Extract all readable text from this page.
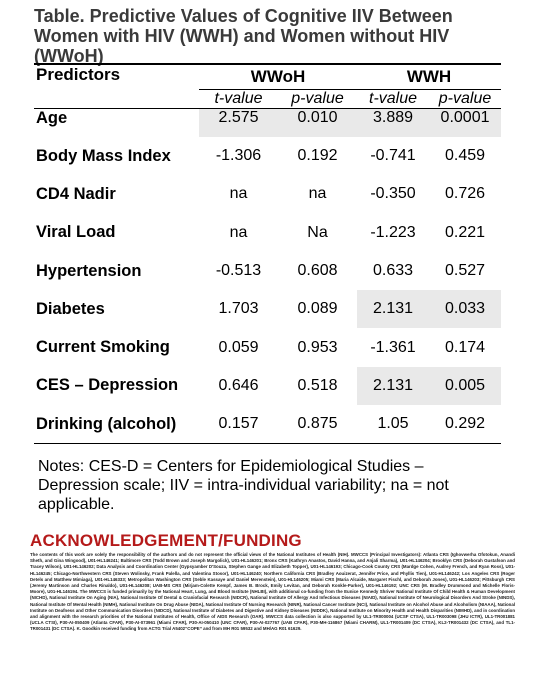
Table. Predictive Values of Cognitive IIV Between Women with HIV (WWH) and Women without HIV (WWoH)
Predictors	WWoH		WWH	
	t-value	p-value	t-value	p-value
Age	2.575	0.010	3.889	0.0001
Body Mass Index	-1.306	0.192	-0.741	0.459
CD4 Nadir	na	na	-0.350	0.726
Viral Load	na	Na	-1.223	0.221
Hypertension	-0.513	0.608	0.633	0.527
Diabetes	1.703	0.089	2.131	0.033
Current Smoking	0.059	0.953	-1.361	0.174
CES – Depression	0.646	0.518	2.131	0.005
Drinking (alcohol)	0.157	0.875	1.05	0.292
Notes: CES-D = Centers for Epidemiological Studies – Depression scale; IIV = intra-individual variability; na = not applicable.
ACKNOWLEDGEMENT/FUNDING
The contents of this work are solely the responsibility of the authors and do not represent the official views of the National Institutes of Health (NIH). MWCCS (Principal Investigators): Atlanta CRS (Ighovwerha Ofotokun, Anandi Sheth, and Gina Wingood), U01-HL146241; Baltimore CRS (Todd Brown and Joseph Margolick), U01-HL146201; Bronx CRS (Kathryn Anastos, David Hanna, and Anjali Sharma), U01-HL146204; Brooklyn CRS (Deborah Gustafson and Tracey Wilson), U01-HL146202; Data Analysis and Coordination Center (Gypsyamber D'Souza, Stephen Gange and Elizabeth Topper), U01-HL146193; Chicago-Cook County CRS (Mardge Cohen, Audrey French, and Ryan Ross), U01-HL146245; Chicago-Northwestern CRS (Steven Wolinsky, Frank Palella, and Valentina Stosor), U01-HL146240; Northern California CRS (Bradley Aouizerat, Jennifer Price, and Phyllis Tien), U01-HL146242; Los Angeles CRS (Roger Detels and Matthew Mimiaga), U01-HL146333; Metropolitan Washington CRS (Seble Kassaye and Daniel Merenstein), U01-HL146205; Miami CRS (Maria Alcaide, Margaret Fischl, and Deborah Jones), U01-HL146203; Pittsburgh CRS (Jeremy Martinson and Charles Rinaldo), U01-HL146208; UAB-MS CRS (Mirjam-Colette Kempf, James B. Brock, Emily Levitan, and Deborah Konkle-Parker), U01-HL146192; UNC CRS (M. Bradley Drummond and Michelle Floris-Moore), U01-HL146194. The MWCCS is funded primarily by the National Heart, Lung, and Blood Institute (NHLBI), with additional co-funding from the Eunice Kennedy Shriver National Institute Of Child Health & Human Development (NICHD), National Institute On Aging (NIA), National Institute Of Dental & Craniofacial Research (NIDCR), National Institute Of Allergy And Infectious Diseases (NIAID), National Institute Of Neurological Disorders And Stroke (NINDS), National Institute Of Mental Health (NIMH), National Institute On Drug Abuse (NIDA), National Institute Of Nursing Research (NINR), National Cancer Institute (NCI), National Institute on Alcohol Abuse and Alcoholism (NIAAA), National Institute on Deafness and Other Communication Disorders (NIDCD), National Institute of Diabetes and Digestive and Kidney Diseases (NIDDK), National Institute on Minority Health and Health Disparities (NIMHD), and in coordination and alignment with the research priorities of the National Institutes of Health, Office of AIDS Research (OAR). MWCCS data collection is also supported by UL1-TR000004 (UCSF CTSA), UL1-TR003098 (JHU ICTR), UL1-TR001881 (UCLA CTSI), P30-AI-050409 (Atlanta CFAR), P30-AI-073961 (Miami CFAR), P30-AI-050410 (UNC CFAR), P30-AI-027767 (UAB CFAR), P30-MH-116867 (Miami CHARM), UL1-TR001409 (DC CTSA), KL2-TR001432 (DC CTSA), and TL1-TR001431 (DC CTSA). K. Goodkin received funding from ACTG Trial A5402“COPE” and from MH R01 59532 and MH/AG R01 61629.
